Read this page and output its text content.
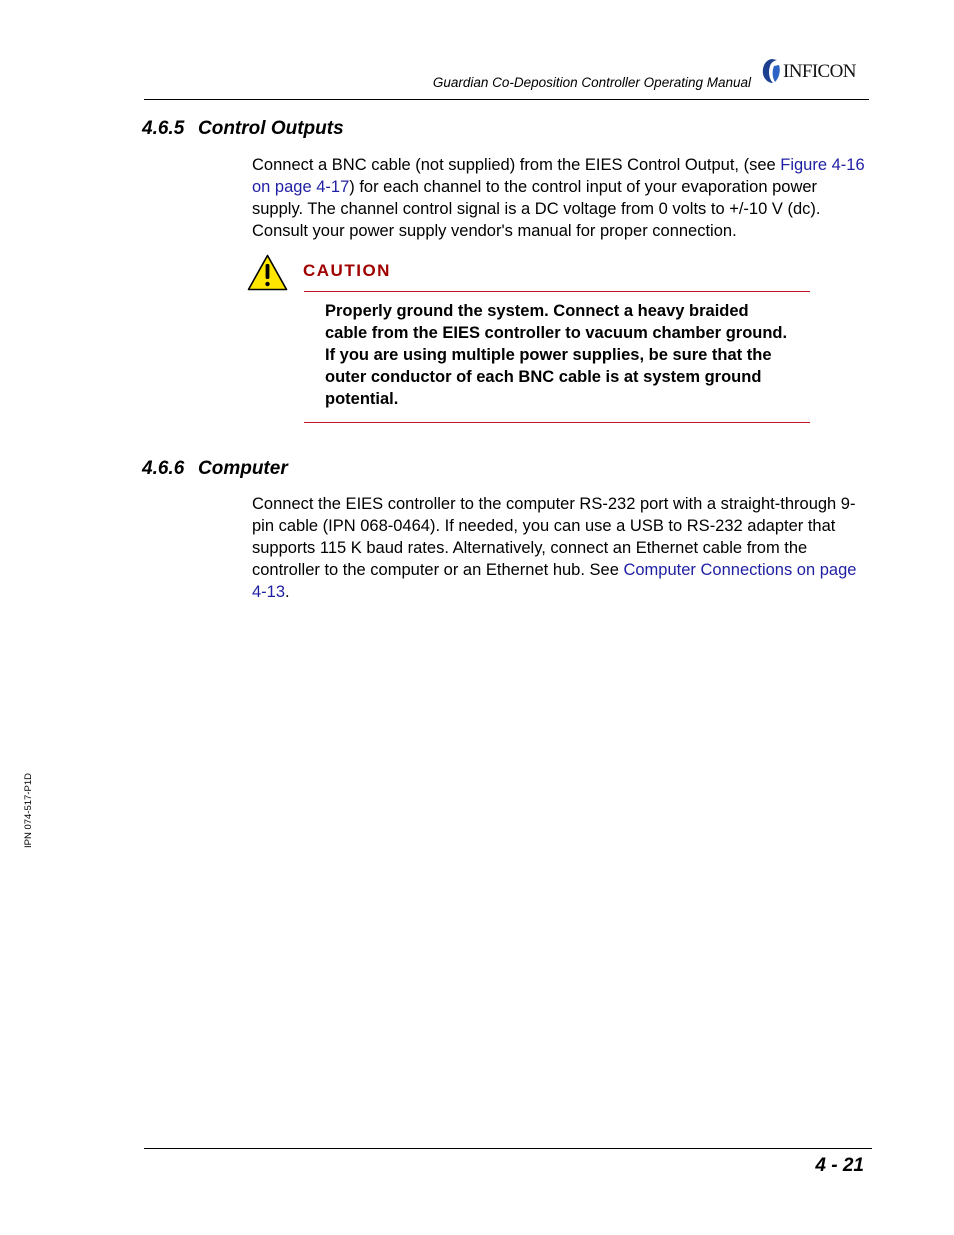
Guardian Co-Deposition Controller Operating Manual
INFICON
4.6.5 Control Outputs

Connect a BNC cable (not supplied) from the EIES Control Output, (see Figure 4-16 on page 4-17) for each channel to the control input of your evaporation power supply. The channel control signal is a DC voltage from 0 volts to +/-10 V (dc). Consult your power supply vendor's manual for proper connection.

CAUTION

Properly ground the system. Connect a heavy braided cable from the EIES controller to vacuum chamber ground. If you are using multiple power supplies, be sure that the outer conductor of each BNC cable is at system ground potential.

4.6.6 Computer

Connect the EIES controller to the computer RS-232 port with a straight-through 9-pin cable (IPN 068-0464). If needed, you can use a USB to RS-232 adapter that supports 115 K baud rates. Alternatively, connect an Ethernet cable from the controller to the computer or an Ethernet hub. See Computer Connections on page 4-13.

IPN 074-517-P1D
4 - 21
